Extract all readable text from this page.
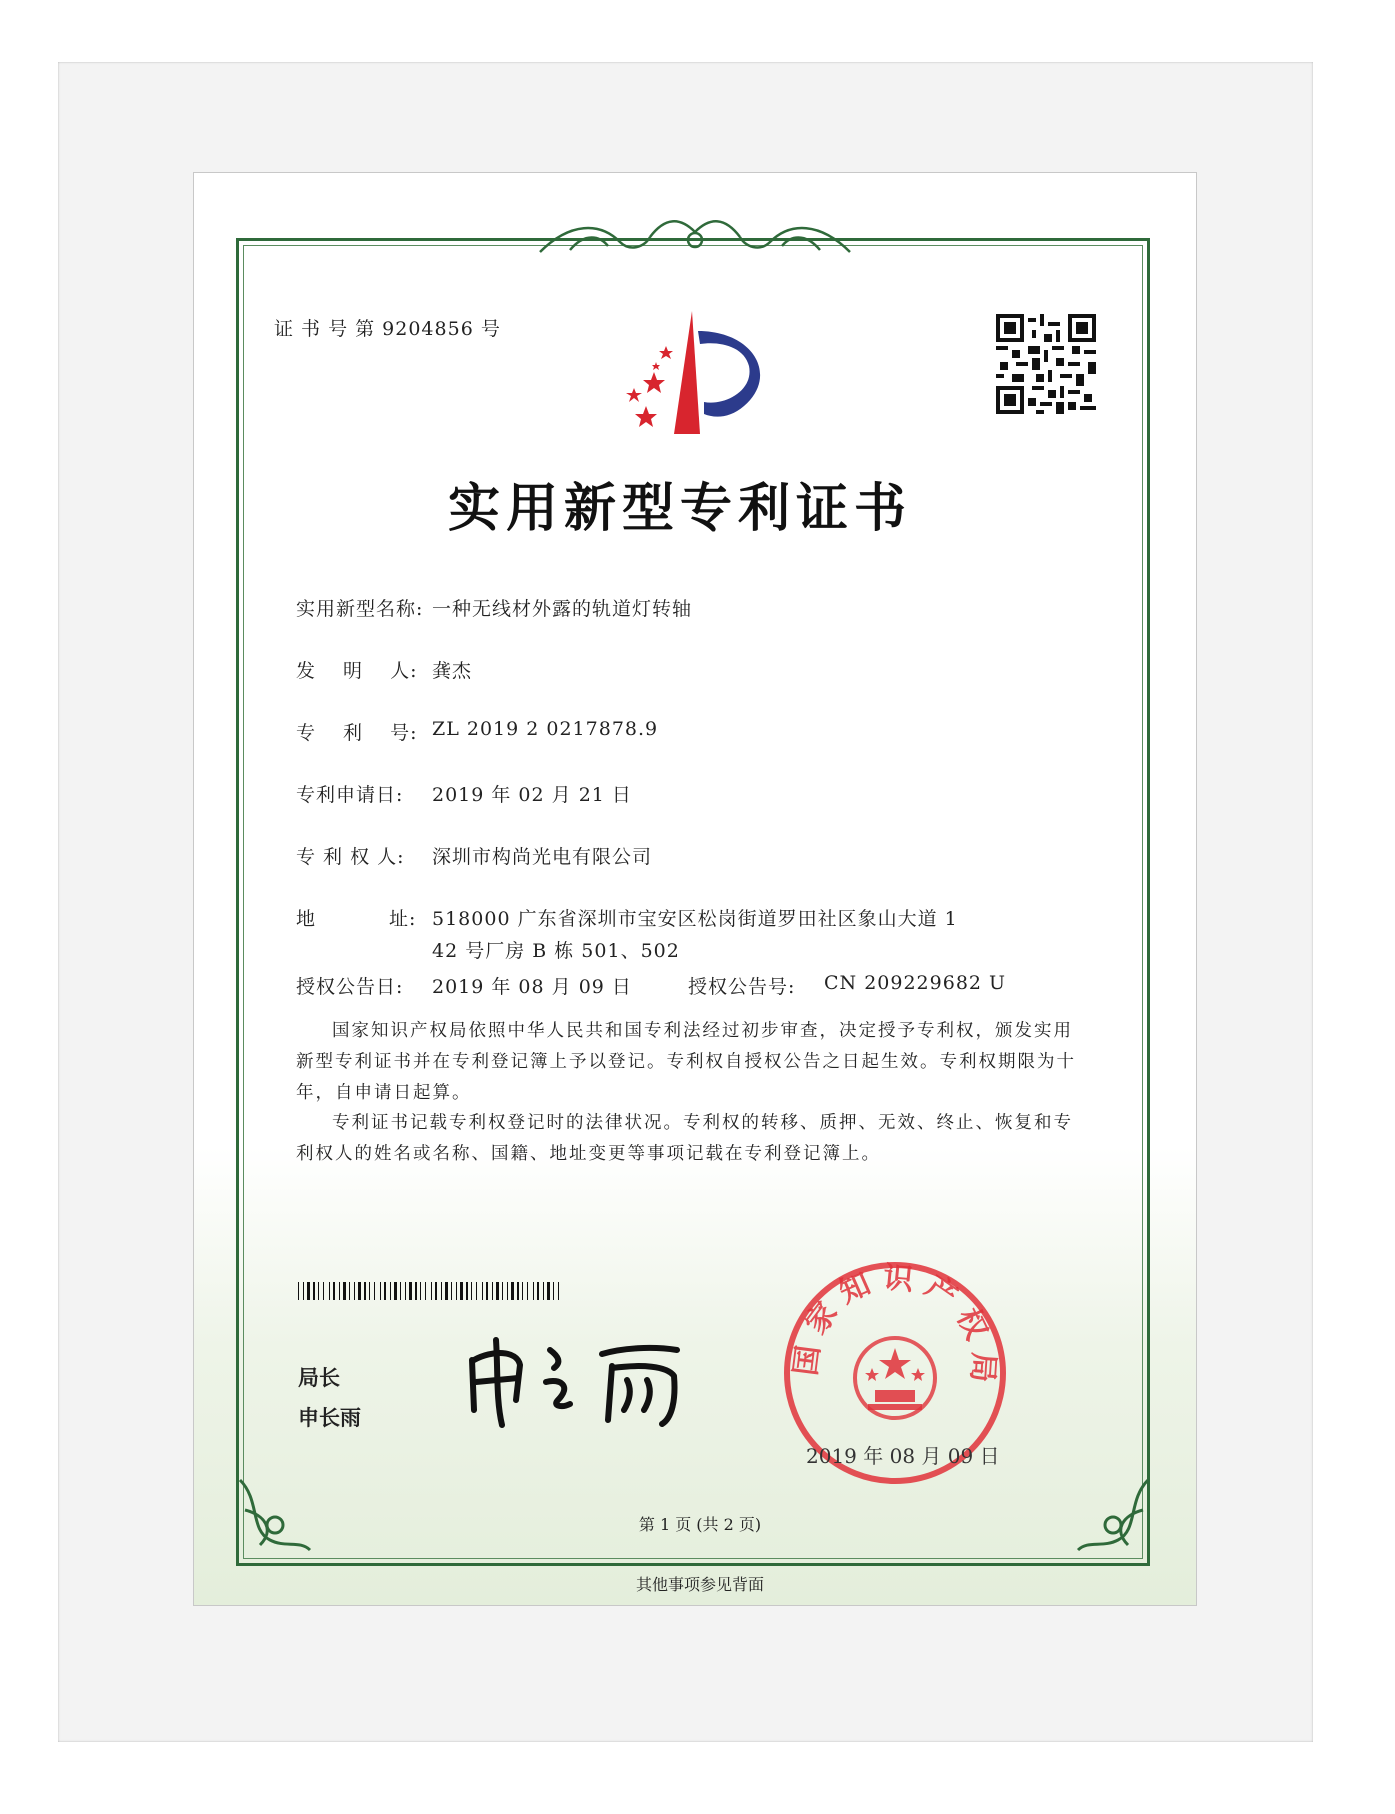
证 书 号 第 9204856 号
实用新型专利证书
实用新型名称: 一种无线材外露的轨道灯转轴
发 明 人: 龚杰
专 利 号: ZL 2019 2 0217878.9
专利申请日: 2019 年 02 月 21 日
专 利 权 人: 深圳市构尚光电有限公司
地 址: 518000 广东省深圳市宝安区松岗街道罗田社区象山大道 1
42 号厂房 B 栋 501、502
授权公告日: 2019 年 08 月 09 日	授权公告号: CN 209229682 U
国家知识产权局依照中华人民共和国专利法经过初步审查，决定授予专利权，颁发实用新型专利证书并在专利登记簿上予以登记。专利权自授权公告之日起生效。专利权期限为十年，自申请日起算。
专利证书记载专利权登记时的法律状况。专利权的转移、质押、无效、终止、恢复和专利权人的姓名或名称、国籍、地址变更等事项记载在专利登记簿上。
局长
申长雨
国家知识产权局
2019 年 08 月 09 日
第 1 页 (共 2 页)
其他事项参见背面
